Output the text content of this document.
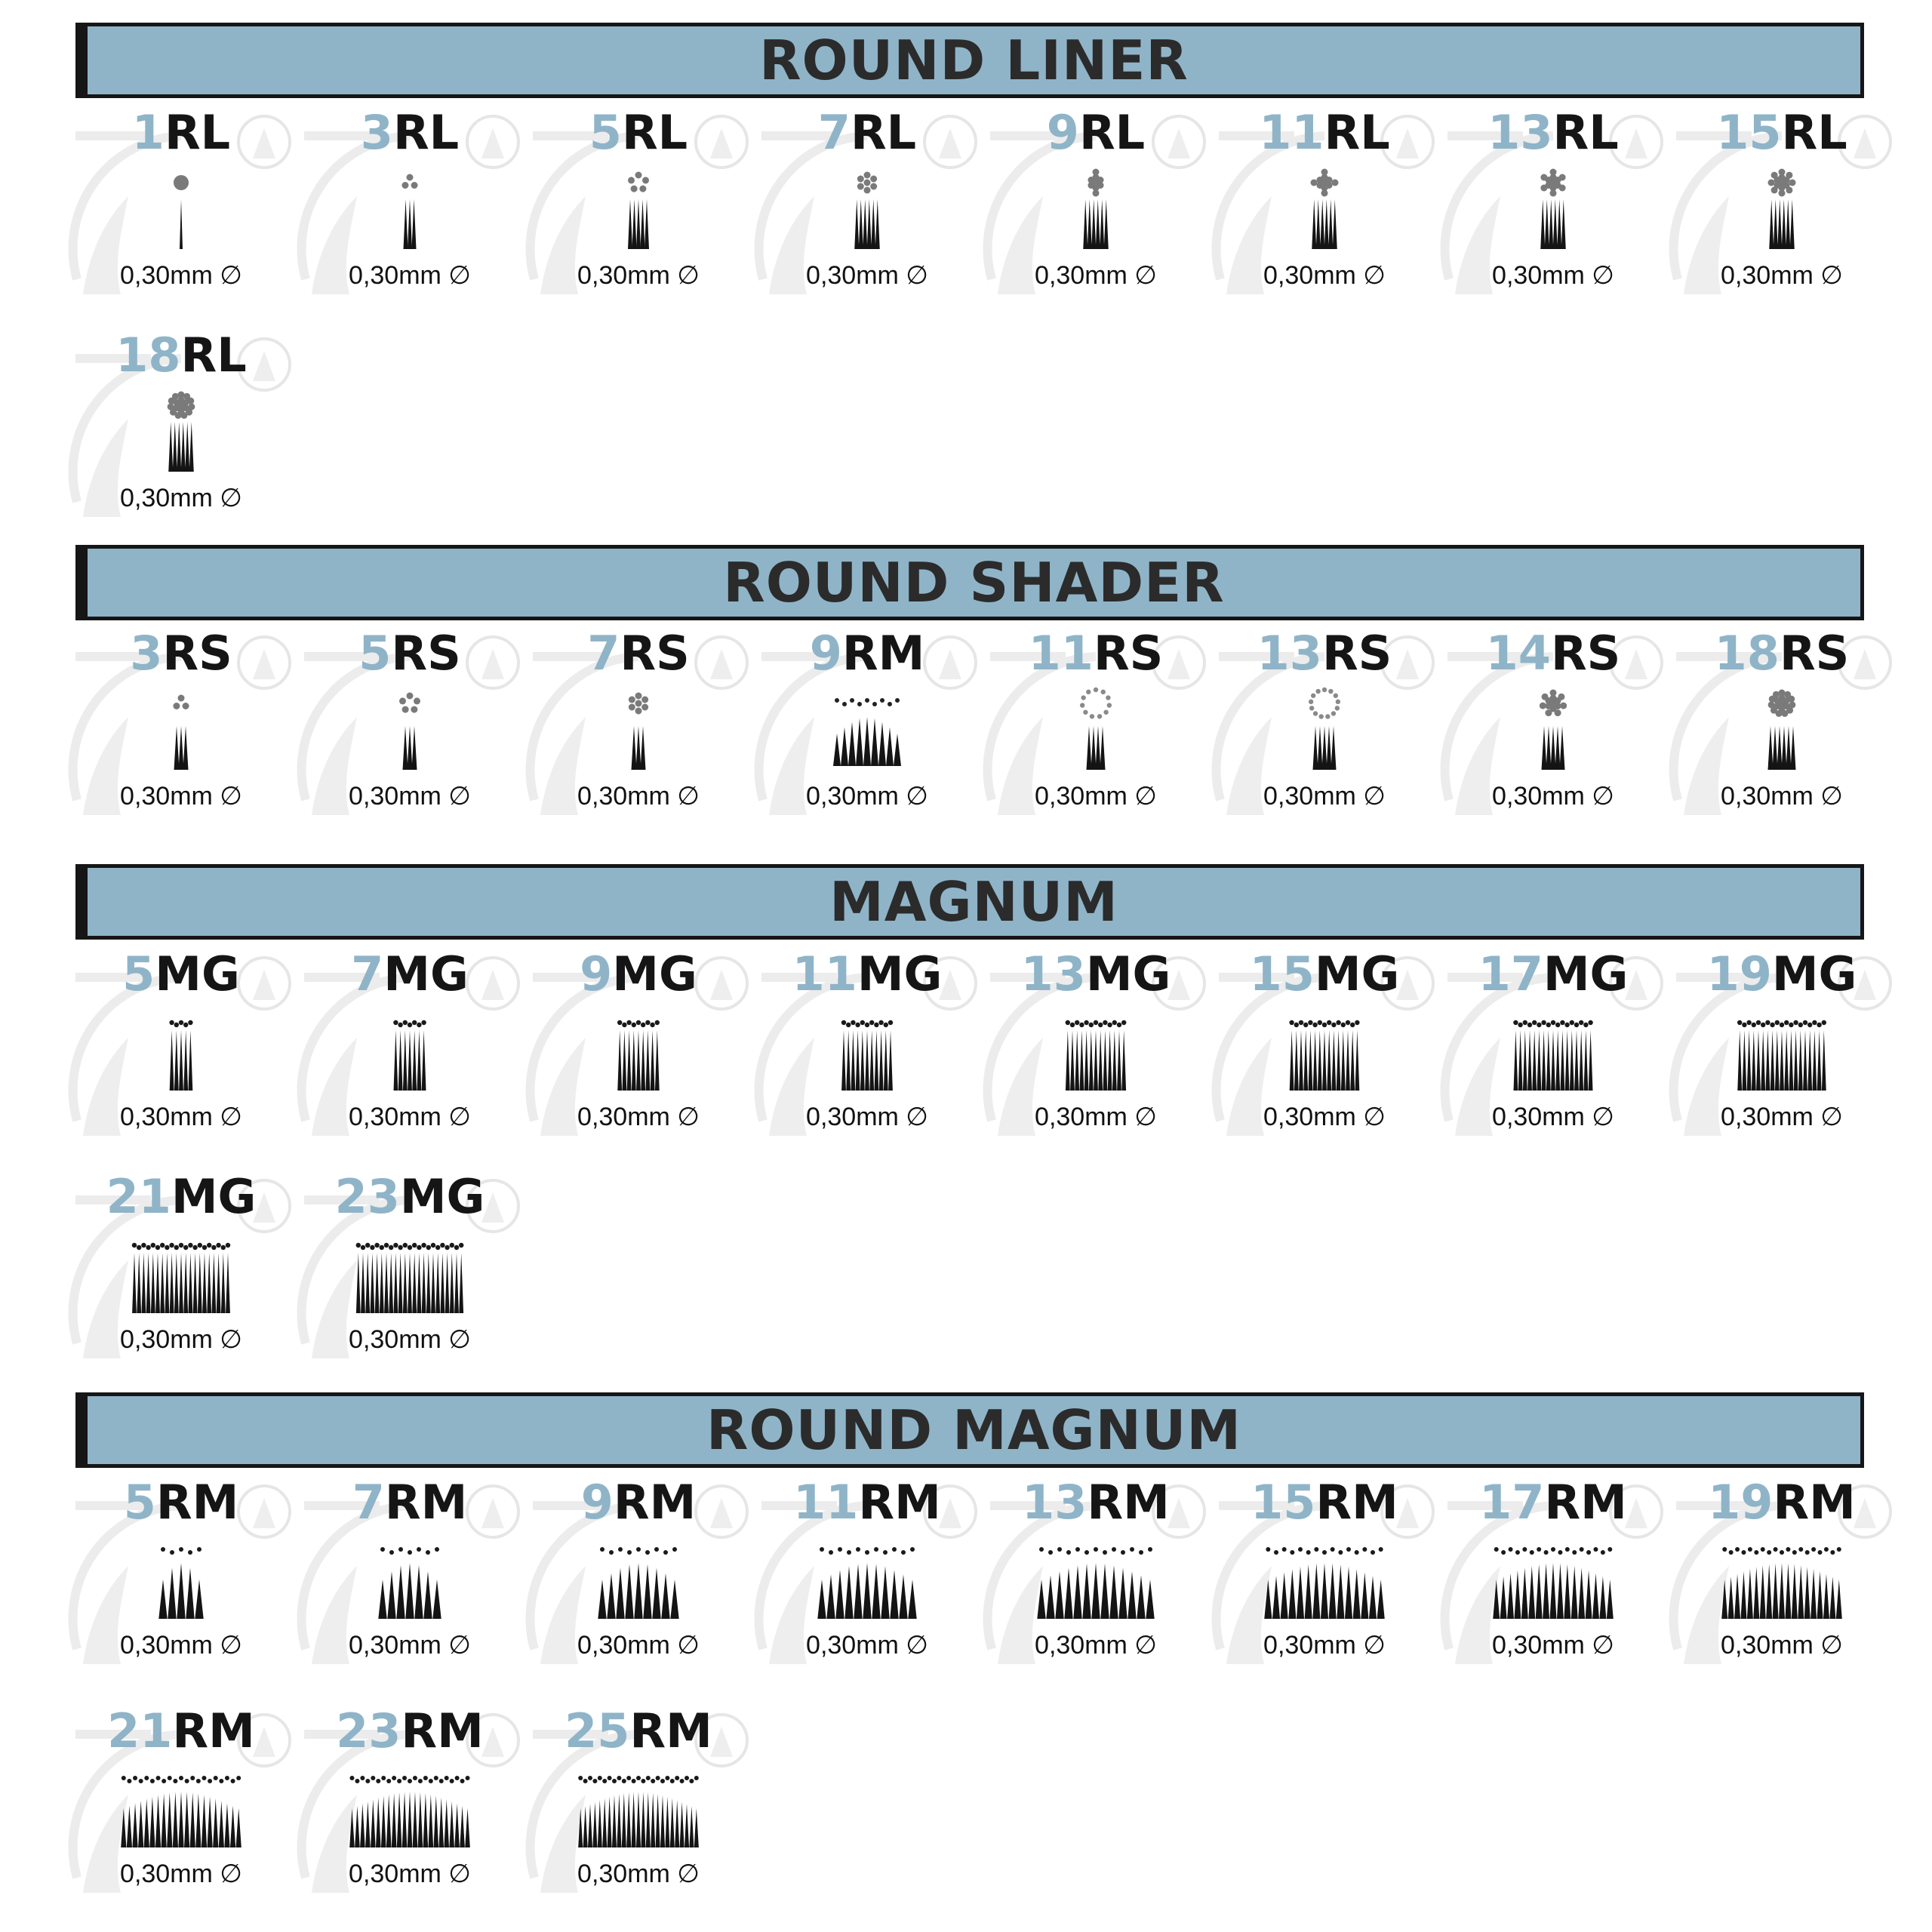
ROUND LINER
1RL
0,30mm ∅
3RL
0,30mm ∅
5RL
0,30mm ∅
7RL
0,30mm ∅
9RL
0,30mm ∅
11RL
0,30mm ∅
13RL
0,30mm ∅
15RL
0,30mm ∅
18RL
0,30mm ∅
ROUND SHADER
3RS
0,30mm ∅
5RS
0,30mm ∅
7RS
0,30mm ∅
9RM
0,30mm ∅
11RS
0,30mm ∅
13RS
0,30mm ∅
14RS
0,30mm ∅
18RS
0,30mm ∅
MAGNUM
5MG
0,30mm ∅
7MG
0,30mm ∅
9MG
0,30mm ∅
11MG
0,30mm ∅
13MG
0,30mm ∅
15MG
0,30mm ∅
17MG
0,30mm ∅
19MG
0,30mm ∅
21MG
0,30mm ∅
23MG
0,30mm ∅
ROUND MAGNUM
5RM
0,30mm ∅
7RM
0,30mm ∅
9RM
0,30mm ∅
11RM
0,30mm ∅
13RM
0,30mm ∅
15RM
0,30mm ∅
17RM
0,30mm ∅
19RM
0,30mm ∅
21RM
0,30mm ∅
23RM
0,30mm ∅
25RM
0,30mm ∅
